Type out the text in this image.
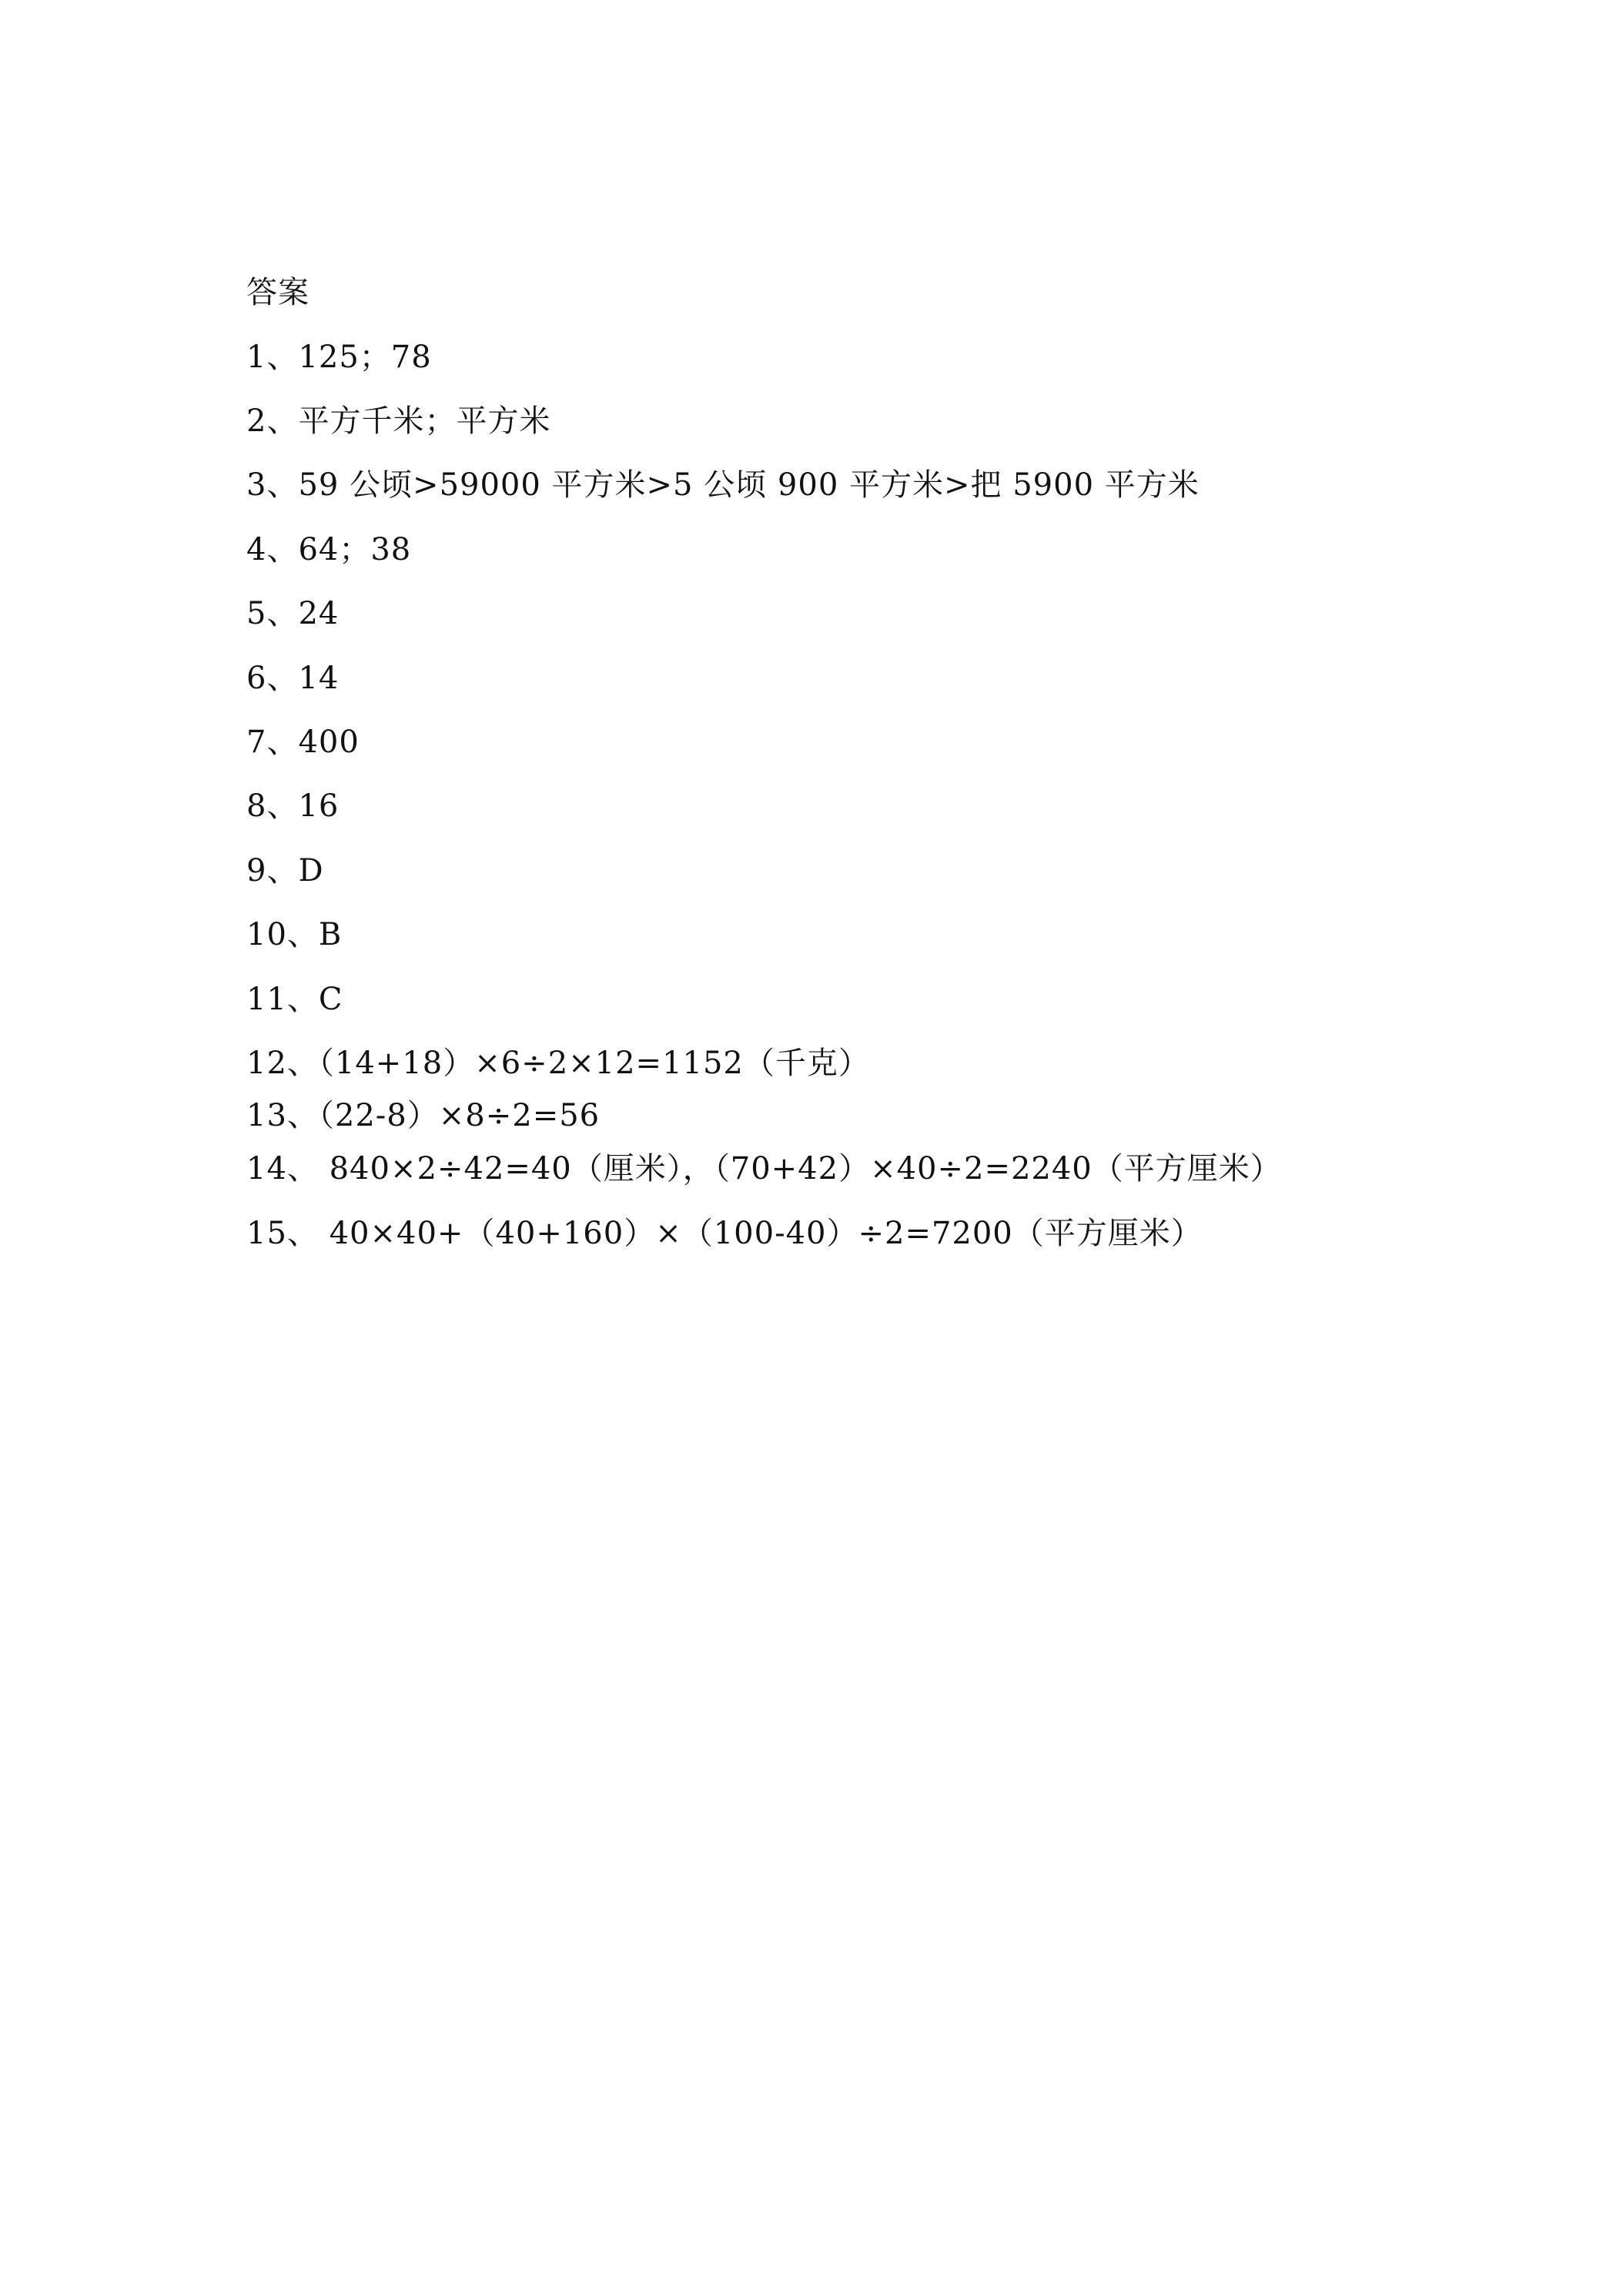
答案
1、125；78
2、平方千米；平方米
3、59 公顷>59000 平方米>5 公顷 900 平方米>把 5900 平方米
4、64；38
5、24
6、14
7、400
8、16
9、D
10、B
11、C
12、（14+18）×6÷2×12=1152（千克）
13、（22-8）×8÷2=56
14、 840×2÷42=40（厘米），（70+42）×40÷2=2240（平方厘米）
15、 40×40+（40+160）×（100-40）÷2=7200（平方厘米）
